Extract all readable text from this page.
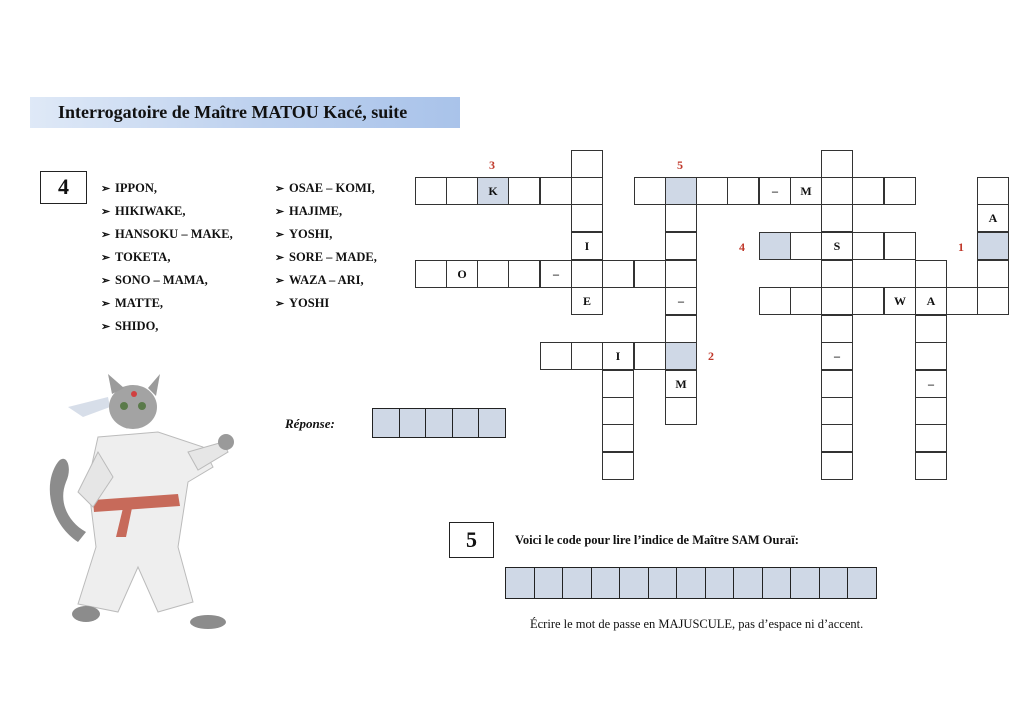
Interrogatoire de Maître MATOU Kacé, suite
4	➢ IPPON,
➢ HIKIWAKE,
➢ HANSOKU – MAKE,
➢ TOKETA,
➢ SONO – MAMA,
➢ MATTE,
➢ SHIDO,
➢ OSAE – KOMI,
➢ HAJIME,
➢ YOSHI,
➢ SORE – MADE,
➢ WAZA – ARI,
➢ YOSHI
Réponse:
3	5
4	1
2
K	–	M
A
I	S
O	–
E	–	W	A
I	–
M	–
5	Voici le code pour lire l’indice de Maître SAM Ouraï:
Écrire le mot de passe en MAJUSCULE, pas d’espace ni d’accent.
